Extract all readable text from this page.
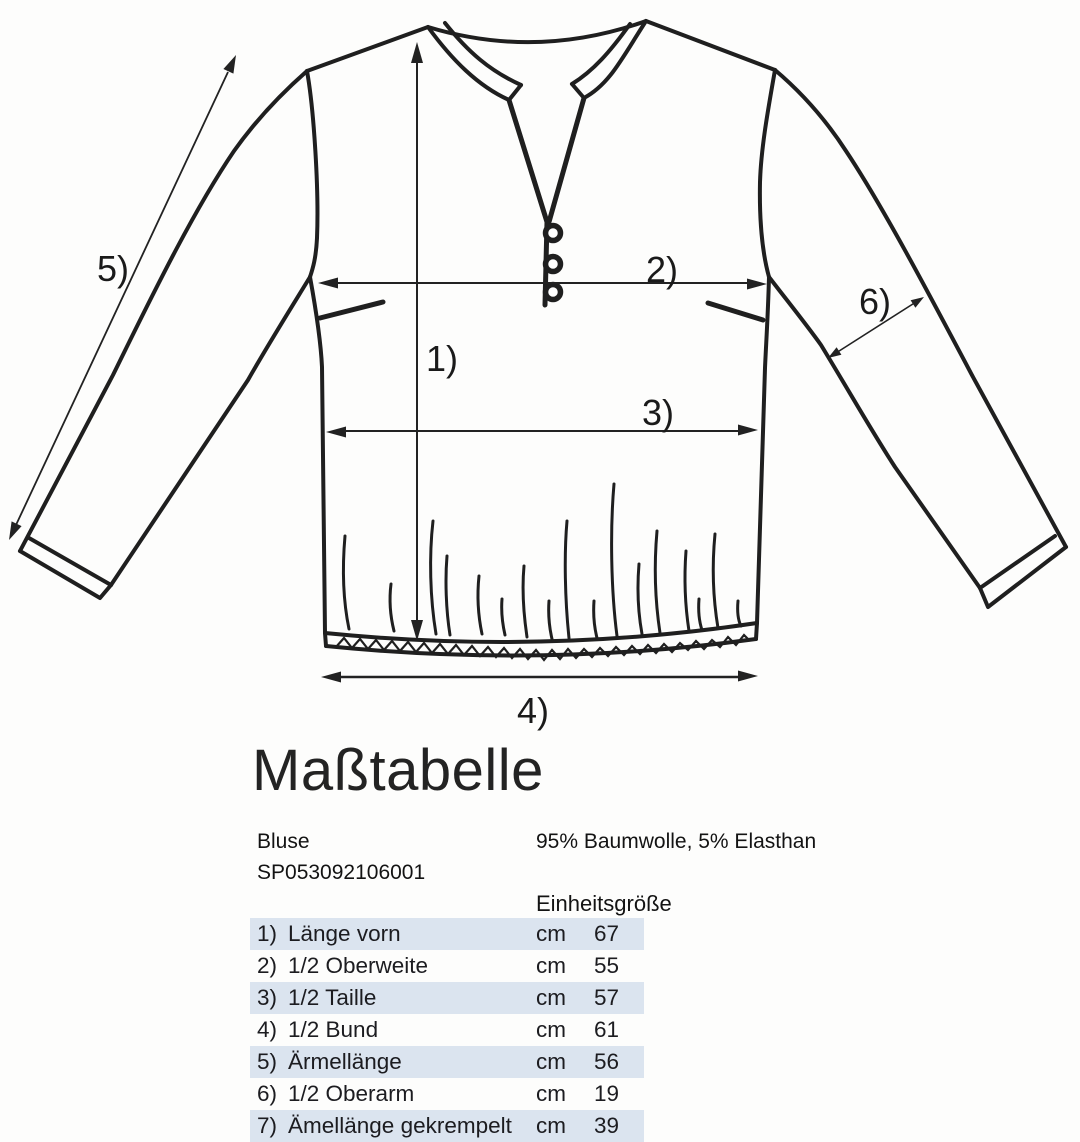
1)
2)
3)
4)
5)
6)
Maßtabelle
Bluse
SP053092106001
95% Baumwolle, 5% Elasthan
Einheitsgröße
1) Länge vorn	cm	67
2) 1/2 Oberweite	cm	55
3) 1/2 Taille	cm	57
4) 1/2 Bund	cm	61
5) Ärmellänge	cm	56
6) 1/2 Oberarm	cm	19
7) Ämellänge gekrempelt	cm	39
